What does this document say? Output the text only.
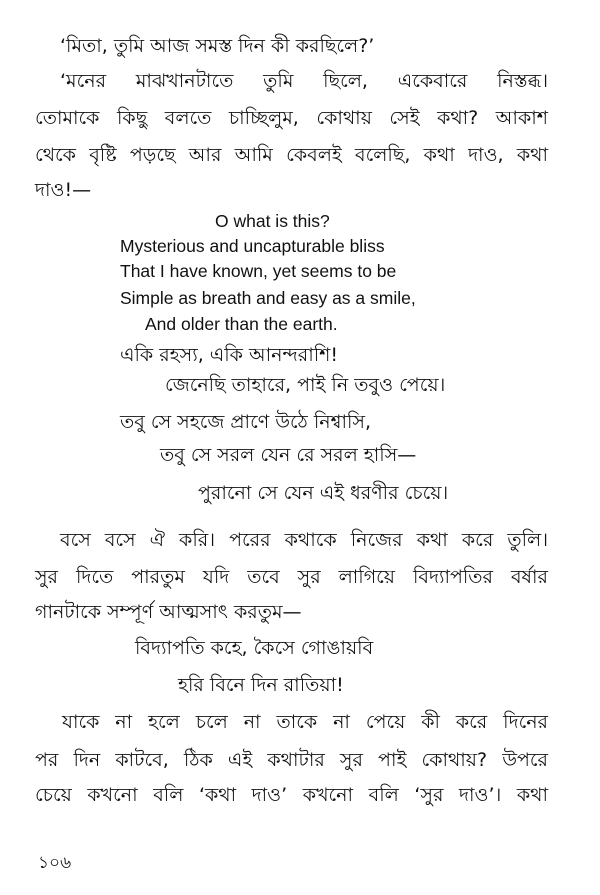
‘মিতা, তুমি আজ সমস্ত দিন কী করছিলে?’
‘মনের মাঝখানটাতে তুমি ছিলে, একেবারে নিস্তব্ধ।
তোমাকে কিছু বলতে চাচ্ছিলুম, কোথায় সেই কথা? আকাশ
থেকে বৃষ্টি পড়ছে আর আমি কেবলই বলেছি, কথা দাও, কথা
দাও!—
O what is this?
Mysterious and uncapturable bliss
That I have known, yet seems to be
Simple as breath and easy as a smile,
And older than the earth.
একি রহস্য, একি আনন্দরাশি!
জেনেছি তাহারে, পাই নি তবুও পেয়ে।
তবু সে সহজে প্রাণে উঠে নিশ্বাসি,
তবু সে সরল যেন রে সরল হাসি—
পুরানো সে যেন এই ধরণীর চেয়ে।
বসে বসে ঐ করি। পরের কথাকে নিজের কথা করে তুলি।
সুর দিতে পারতুম যদি তবে সুর লাগিয়ে বিদ্যাপতির বর্ষার
গানটাকে সম্পূর্ণ আত্মসাৎ করতুম—
বিদ্যাপতি কহে, কৈসে গোঙায়বি
হরি বিনে দিন রাতিয়া!
যাকে না হলে চলে না তাকে না পেয়ে কী করে দিনের
পর দিন কাটবে, ঠিক এই কথাটার সুর পাই কোথায়? উপরে
চেয়ে কখনো বলি ‘কথা দাও’ কখনো বলি ‘সুর দাও’। কথা
১০৬
